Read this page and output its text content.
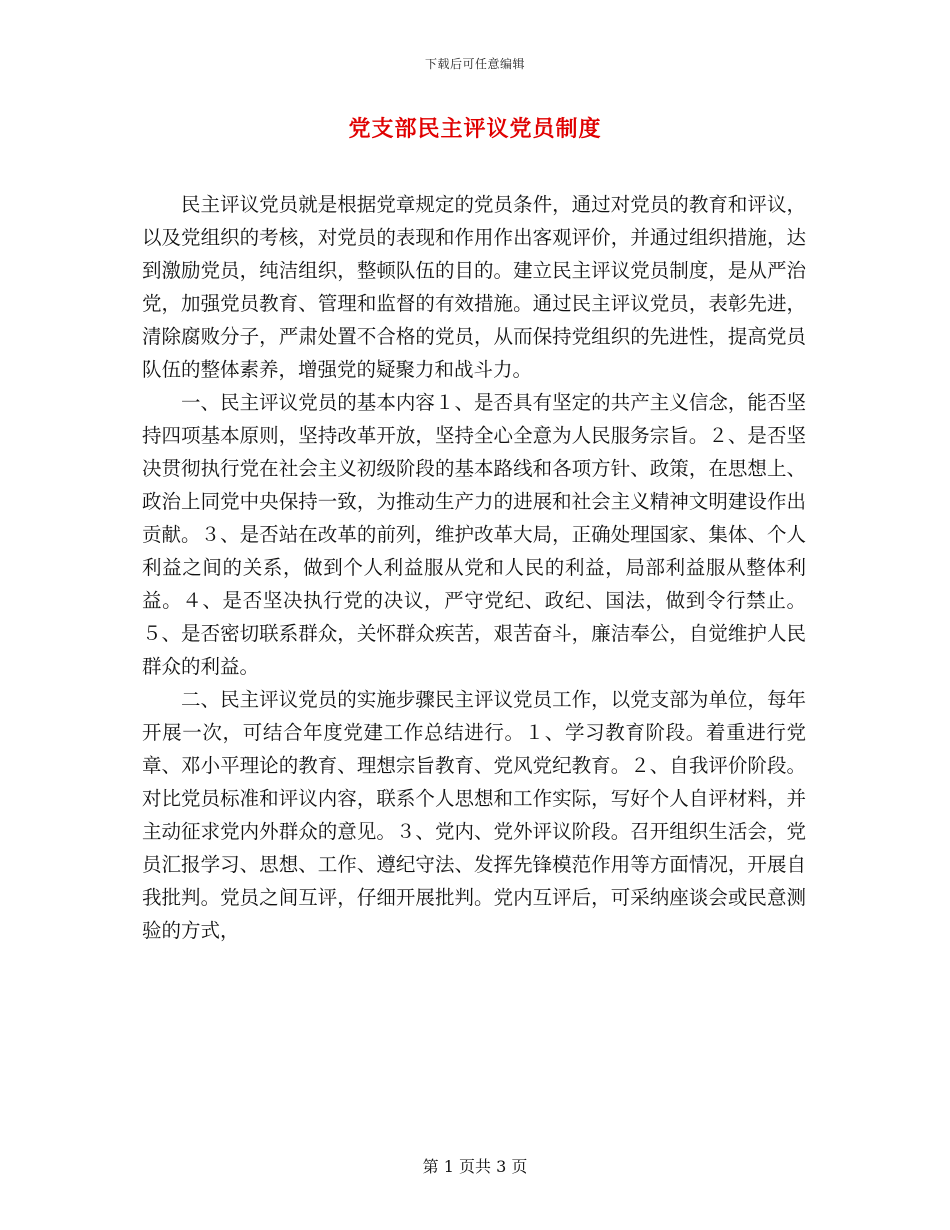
下载后可任意编辑
党支部民主评议党员制度

民主评议党员就是根据党章规定的党员条件，通过对党员的教育和评议，以及党组织的考核，对党员的表现和作用作出客观评价，并通过组织措施，达到激励党员，纯洁组织，整顿队伍的目的。建立民主评议党员制度，是从严治党，加强党员教育、管理和监督的有效措施。通过民主评议党员，表彰先进，清除腐败分子，严肃处置不合格的党员，从而保持党组织的先进性，提高党员队伍的整体素养，增强党的疑聚力和战斗力。

一、民主评议党员的基本内容１、是否具有坚定的共产主义信念，能否坚持四项基本原则，坚持改革开放，坚持全心全意为人民服务宗旨。２、是否坚决贯彻执行党在社会主义初级阶段的基本路线和各项方针、政策，在思想上、政治上同党中央保持一致，为推动生产力的进展和社会主义精神文明建设作出贡献。３、是否站在改革的前列，维护改革大局，正确处理国家、集体、个人利益之间的关系，做到个人利益服从党和人民的利益，局部利益服从整体利益。４、是否坚决执行党的决议，严守党纪、政纪、国法，做到令行禁止。５、是否密切联系群众，关怀群众疾苦，艰苦奋斗，廉洁奉公，自觉维护人民群众的利益。

二、民主评议党员的实施步骤民主评议党员工作，以党支部为单位，每年开展一次，可结合年度党建工作总结进行。１、学习教育阶段。着重进行党章、邓小平理论的教育、理想宗旨教育、党风党纪教育。２、自我评价阶段。对比党员标准和评议内容，联系个人思想和工作实际，写好个人自评材料，并主动征求党内外群众的意见。３、党内、党外评议阶段。召开组织生活会，党员汇报学习、思想、工作、遵纪守法、发挥先锋模范作用等方面情况，开展自我批判。党员之间互评，仔细开展批判。党内互评后，可采纳座谈会或民意测验的方式，

第 1 页共 3 页
